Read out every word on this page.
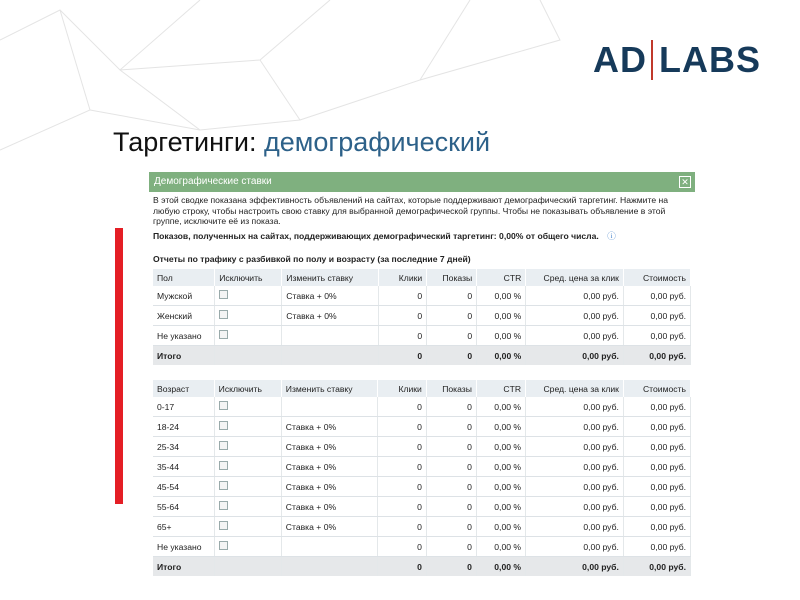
AD LABS
Таргетинги: демографический
Демографические ставки	✕
В этой сводке показана эффективность объявлений на сайтах, которые поддерживают демографический таргетинг. Нажмите на любую строку, чтобы настроить свою ставку для выбранной демографической группы. Чтобы не показывать объявление в этой группе, исключите её из показа.
Показов, полученных на сайтах, поддерживающих демографический таргетинг: 0,00% от общего числа. ⓘ
Отчеты по трафику с разбивкой по полу и возрасту (за последние 7 дней)
Пол	Исключить	Изменить ставку	Клики	Показы	CTR	Сред. цена за клик	Стоимость
Мужской		Ставка + 0%	0	0	0,00 %	0,00 руб.	0,00 руб.
Женский		Ставка + 0%	0	0	0,00 %	0,00 руб.	0,00 руб.
Не указано			0	0	0,00 %	0,00 руб.	0,00 руб.
Итого			0	0	0,00 %	0,00 руб.	0,00 руб.
Возраст	Исключить	Изменить ставку	Клики	Показы	CTR	Сред. цена за клик	Стоимость
0-17			0	0	0,00 %	0,00 руб.	0,00 руб.
18-24		Ставка + 0%	0	0	0,00 %	0,00 руб.	0,00 руб.
25-34		Ставка + 0%	0	0	0,00 %	0,00 руб.	0,00 руб.
35-44		Ставка + 0%	0	0	0,00 %	0,00 руб.	0,00 руб.
45-54		Ставка + 0%	0	0	0,00 %	0,00 руб.	0,00 руб.
55-64		Ставка + 0%	0	0	0,00 %	0,00 руб.	0,00 руб.
65+		Ставка + 0%	0	0	0,00 %	0,00 руб.	0,00 руб.
Не указано			0	0	0,00 %	0,00 руб.	0,00 руб.
Итого			0	0	0,00 %	0,00 руб.	0,00 руб.
